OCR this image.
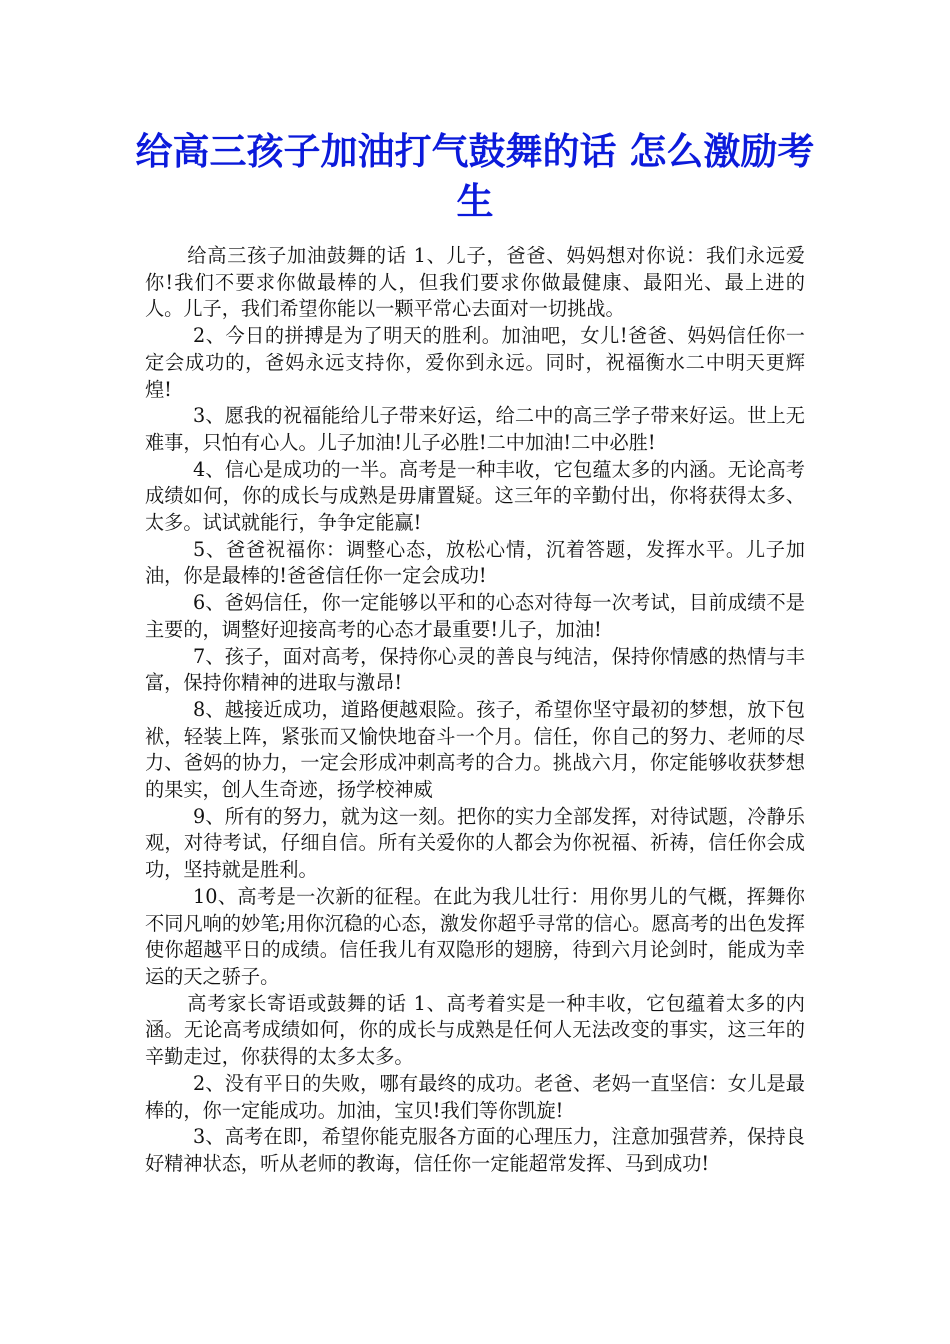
给高三孩子加油打气鼓舞的话 怎么激励考生

给高三孩子加油鼓舞的话 1、儿子，爸爸、妈妈想对你说：我们永远爱你!我们不要求你做最棒的人，但我们要求你做最健康、最阳光、最上进的人。儿子，我们希望你能以一颗平常心去面对一切挑战。

2、今日的拼搏是为了明天的胜利。加油吧，女儿!爸爸、妈妈信任你一定会成功的，爸妈永远支持你，爱你到永远。同时，祝福衡水二中明天更辉煌!

3、愿我的祝福能给儿子带来好运，给二中的高三学子带来好运。世上无难事，只怕有心人。儿子加油!儿子必胜!二中加油!二中必胜!

4、信心是成功的一半。高考是一种丰收，它包蕴太多的内涵。无论高考成绩如何，你的成长与成熟是毋庸置疑。这三年的辛勤付出，你将获得太多、太多。试试就能行，争争定能赢!

5、爸爸祝福你：调整心态，放松心情，沉着答题，发挥水平。儿子加油，你是最棒的!爸爸信任你一定会成功!

6、爸妈信任，你一定能够以平和的心态对待每一次考试，目前成绩不是主要的，调整好迎接高考的心态才最重要!儿子，加油!

7、孩子，面对高考，保持你心灵的善良与纯洁，保持你情感的热情与丰富，保持你精神的进取与激昂!

8、越接近成功，道路便越艰险。孩子，希望你坚守最初的梦想，放下包袱，轻装上阵，紧张而又愉快地奋斗一个月。信任，你自己的努力、老师的尽力、爸妈的协力，一定会形成冲刺高考的合力。挑战六月，你定能够收获梦想的果实，创人生奇迹，扬学校神威

9、所有的努力，就为这一刻。把你的实力全部发挥，对待试题，冷静乐观，对待考试，仔细自信。所有关爱你的人都会为你祝福、祈祷，信任你会成功，坚持就是胜利。

10、高考是一次新的征程。在此为我儿壮行：用你男儿的气概，挥舞你不同凡响的妙笔;用你沉稳的心态，激发你超乎寻常的信心。愿高考的出色发挥使你超越平日的成绩。信任我儿有双隐形的翅膀，待到六月论剑时，能成为幸运的天之骄子。

高考家长寄语或鼓舞的话 1、高考着实是一种丰收，它包蕴着太多的内涵。无论高考成绩如何，你的成长与成熟是任何人无法改变的事实，这三年的辛勤走过，你获得的太多太多。

2、没有平日的失败，哪有最终的成功。老爸、老妈一直坚信：女儿是最棒的，你一定能成功。加油，宝贝!我们等你凯旋!

3、高考在即，希望你能克服各方面的心理压力，注意加强营养，保持良好精神状态，听从老师的教诲，信任你一定能超常发挥、马到成功!
